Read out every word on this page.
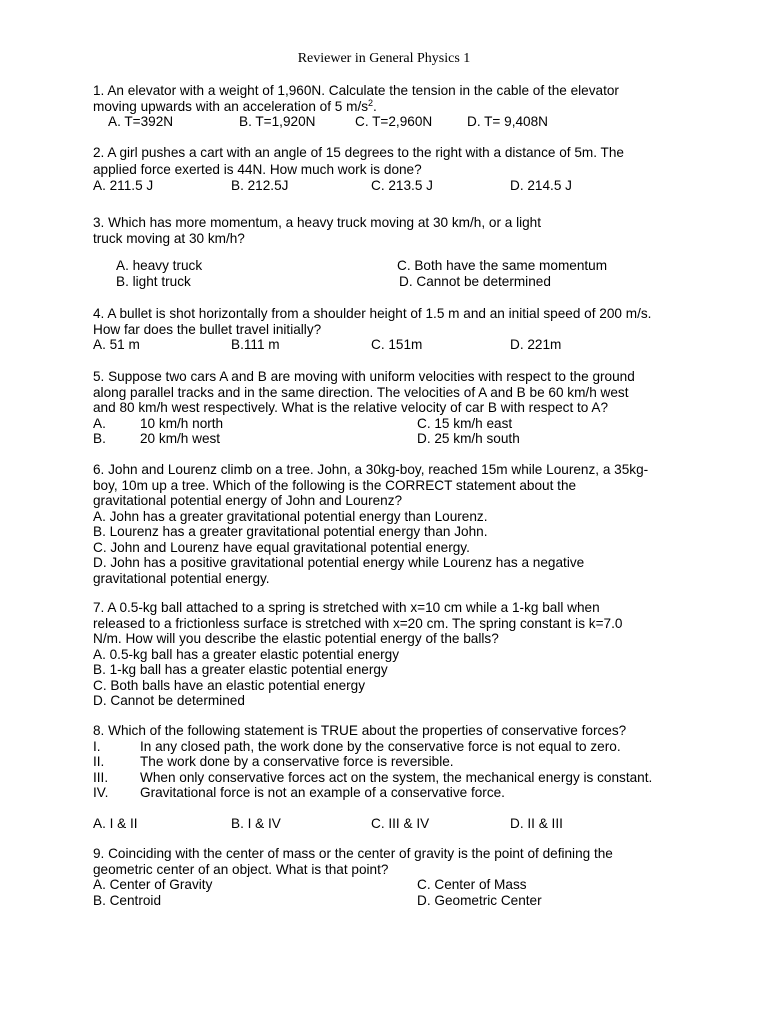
Reviewer in General Physics 1
1. An elevator with a weight of 1,960N. Calculate the tension in the cable of the elevator
moving upwards with an acceleration of 5 $m/s^2$.
A. T=392N	B. T=1,920N	C. T=2,960N	D. T= 9,408N
2. A girl pushes a cart with an angle of 15 degrees to the right with a distance of 5m. The
applied force exerted is 44N. How much work is done?
A. 211.5 J	B. 212.5J	C. 213.5 J	D. 214.5 J
3. Which has more momentum, a heavy truck moving at 30 km/h, or a light
truck moving at 30 km/h?
A. heavy truck	C. Both have the same momentum
B. light truck	D. Cannot be determined
4. A bullet is shot horizontally from a shoulder height of 1.5 m and an initial speed of 200 m/s.
How far does the bullet travel initially?
A. 51 m	B.111 m	C. 151m	D. 221m
5. Suppose two cars A and B are moving with uniform velocities with respect to the ground
along parallel tracks and in the same direction. The velocities of A and B be 60 km/h west
and 80 km/h west respectively. What is the relative velocity of car B with respect to A?
A.	10 km/h north	C. 15 km/h east
B.	20 km/h west	D. 25 km/h south
6. John and Lourenz climb on a tree. John, a 30kg-boy, reached 15m while Lourenz, a 35kg-
boy, 10m up a tree. Which of the following is the CORRECT statement about the
gravitational potential energy of John and Lourenz?
A. John has a greater gravitational potential energy than Lourenz.
B. Lourenz has a greater gravitational potential energy than John.
C. John and Lourenz have equal gravitational potential energy.
D. John has a positive gravitational potential energy while Lourenz has a negative
gravitational potential energy.
7. A 0.5-kg ball attached to a spring is stretched with x=10 cm while a 1-kg ball when
released to a frictionless surface is stretched with x=20 cm. The spring constant is k=7.0
N/m. How will you describe the elastic potential energy of the balls?
A. 0.5-kg ball has a greater elastic potential energy
B. 1-kg ball has a greater elastic potential energy
C. Both balls have an elastic potential energy
D. Cannot be determined
8. Which of the following statement is TRUE about the properties of conservative forces?
I.	In any closed path, the work done by the conservative force is not equal to zero.
II.	The work done by a conservative force is reversible.
III. When only conservative forces act on the system, the mechanical energy is constant.
IV. Gravitational force is not an example of a conservative force.
A. I & II	B. I & IV	C. III & IV	D. II & III
9. Coinciding with the center of mass or the center of gravity is the point of defining the
geometric center of an object. What is that point?
A. Center of Gravity	C. Center of Mass
B. Centroid	D. Geometric Center
